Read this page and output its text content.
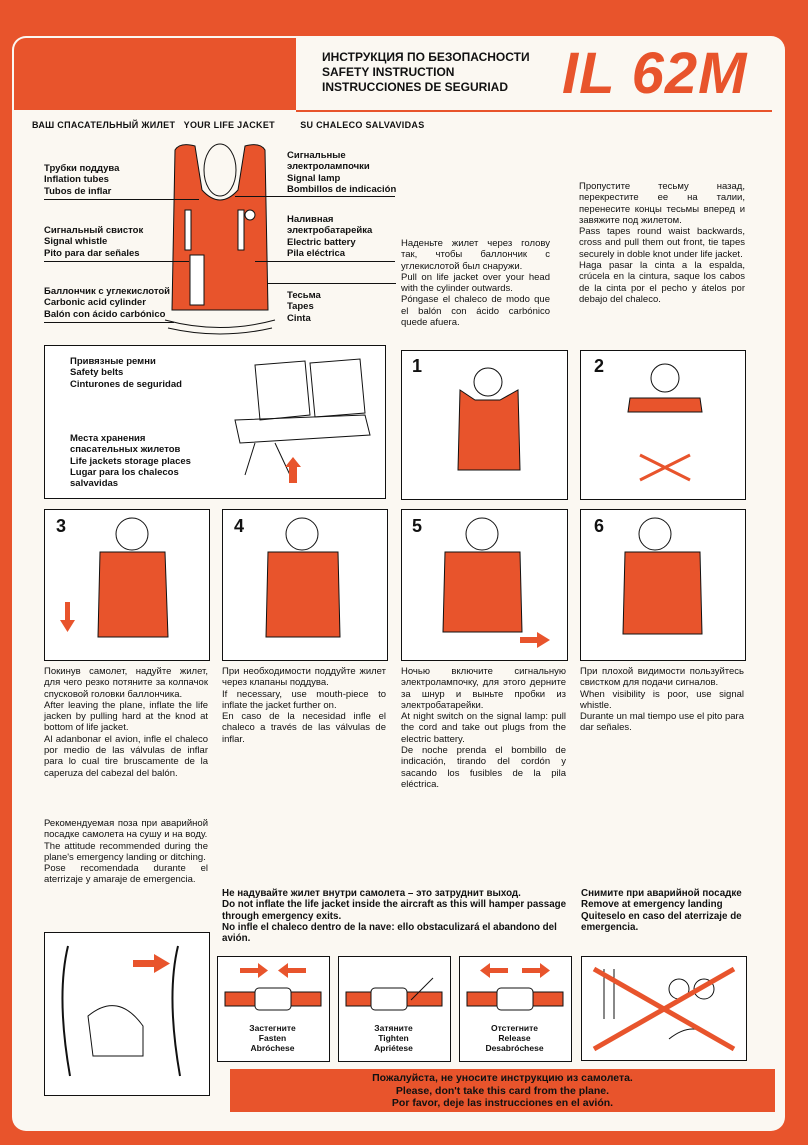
ИНСТРУКЦИЯ ПО БЕЗОПАСНОСТИ
SAFETY INSTRUCTION
INSTRUCCIONES DE SEGURIAD IL 62M
ВАШ СПАСАТЕЛЬНЫЙ ЖИЛЕТ YOUR LIFE JACKET	SU CHALECO SALVAVIDAS
Трубки поддува
Inflation tubes
Tubos de inflar
Сигнальный свисток
Signal whistle
Pito para dar señales
Баллончик с углекислотой
Carbonic acid cylinder
Balón con ácido carbónico
Сигнальные
электролампочки
Signal lamp
Bombillos de indicación
Наливная
электробатарейка
Electric battery
Pila eléctrica
Тесьма
Tapes
Cinta
Наденьте жилет через голову так, чтобы баллончик с углекислотой был снаружи.
Pull on life jacket over your head with the cylinder outwards.
Póngase el chaleco de modo que el balón con ácido carbónico quede afuera.
Пропустите тесьму назад, перекрестите ее на талии, перенесите концы тесьмы вперед и завяжите под жилетом.
Pass tapes round waist backwards, cross and pull them out front, tie tapes securely in doble knot under life jacket.
Haga pasar la cinta a la espalda, crúcela en la cintura, saque los cabos de la cinta por el pecho y átelos por debajo del chaleco.
Привязные ремни
Safety belts
Cinturones de seguridad
Места хранения
спасательных жилетов
Life jackets storage places
Lugar para los chalecos
salvavidas
1	2
3	4	5	6
Покинув самолет, надуйте жилет, для чего резко потяните за колпачок спусковой головки баллончика.
After leaving the plane, inflate the life jacken by pulling hard at the knod at bottom of life jacket.
Al adanbonar el avion, infle el chaleco por medio de las válvulas de inflar para lo cual tire bruscamente de la caperuza del cabezal del balón.
При необходимости поддуйте жилет через клапаны поддува.
If necessary, use mouth-piece to inflate the jacket further on.
En caso de la necesidad infle el chaleco a través de las válvulas de inflar.
Ночью включите сигнальную электролампочку, для этого дерните за шнур и выньте пробки из электробатарейки.
At night switch on the signal lamp: pull the cord and take out plugs from the electric battery.
De noche prenda el bombillo de indicación, tirando del cordón y sacando los fusibles de la pila eléctrica.
При плохой видимости пользуйтесь свистком для подачи сигналов.
When visibility is poor, use signal whistle.
Durante un mal tiempo use el pito para dar señales.
Рекомендуемая поза при аварийной посадке самолета на сушу и на воду.
The attitude recommended during the plane's emergency landing or ditching.
Pose recomendada durante el aterrizaje y amaraje de emergencia.
Не надувайте жилет внутри самолета – это затруднит выход.
Do not inflate the life jacket inside the aircraft as this will hamper passage through emergency exits.
No infle el chaleco dentro de la nave: ello obstaculizará el abandono del avión.
Снимите при аварийной посадке
Remove at emergency landing
Quiteselo en caso del aterrizaje de emergencia.
Застегните
Fasten
Abróchese
Затяните
Tighten
Apriétese
Отстегните
Release
Desabróchese
Пожалуйста, не уносите инструкцию из самолета.
Please, don't take this card from the plane.
Por favor, deje las instrucciones en el avión.
